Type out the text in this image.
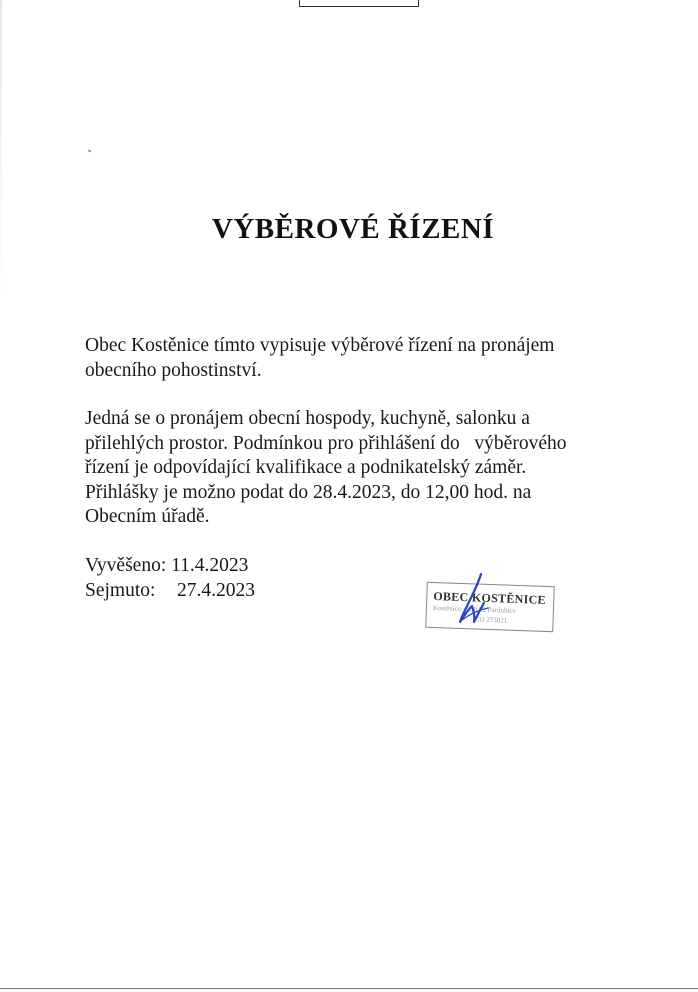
VÝBĚROVÉ ŘÍZENÍ
Obec Kostěnice tímto vypisuje výběrové řízení na pronájem
obecního pohostinství.
Jedná se o pronájem obecní hospody, kuchyně, salonku a
přilehlých prostor. Podmínkou pro přihlášení do   výběrového
řízení je odpovídající kvalifikace a podnikatelský záměr.
Přihlášky je možno podat do 28.4.2023, do 12,00 hod. na
Obecním úřadě.
Vyvěšeno:
11.4.2023
Sejmuto:	27.4.2023	OBEC KOSTĚNICE
Kostěnice · 530 02 Pardubice
IČO 273821
